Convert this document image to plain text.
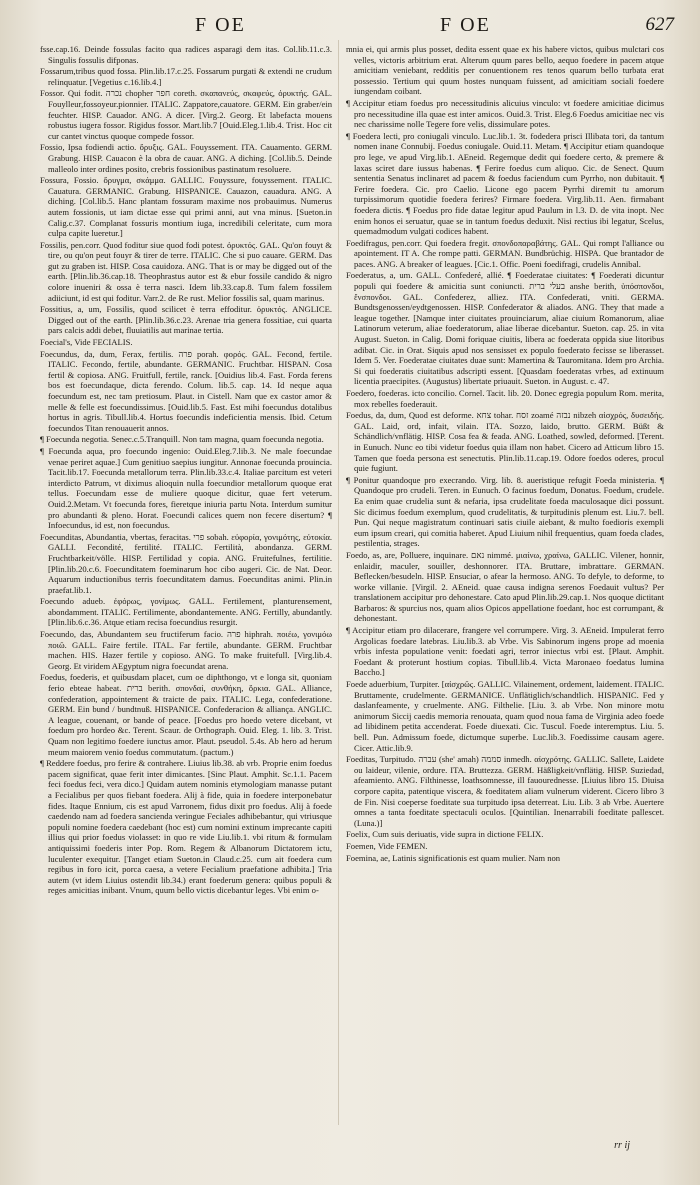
F OE	F OE	627
fsse.cap.16. Deinde fossulas facito qua radices asparagi dem itas. Col.lib.11.c.3. Singulis fossulis difponas.
Fossarum,tribus quod fossa. Plin.lib.17.c.25. Fossarum purgati & extendi ne crudum relinquatur. [Vegetius c.16.lib.4.]
Fossor. Qui fodit. נכרה chopher חפר coreth. σκαπανεύς, σκαφεύς, ὀρυκτής. GAL. Fouylleur,fossoyeur.pionnier. ITALIC. Zappatore,cauatore. GERM. Ein graber/ein feuchter. HISP. Cauador. ANG. A dicer. [Virg.2. Georg. Et labefacta mouens robustus iugera fossor. Rigidus fossor. Mart.lib.7 [Ouid.Eleg.1.lib.4. Trist. Hoc cit cur cantet vinctus quoque compede fossor.
Fossio, Ipsa fodiendi actio. ὄρυξις. GAL. Fouyssement. ITA. Cauamento. GERM. Grabung. HISP. Cauacon è la obra de cauar. ANG. A diching. [Col.lib.5. Deinde malleolo inter ordines posito, crebris fossionibus pastinatum resoluere.
Fossura, Fossio. ὄρυγμα, σκάμμα. GALLIC. Fouyssure, fouyssement. ITALIC. Cauatura. GERMANIC. Grabung. HISPANICE. Cauazon, cauadura. ANG. A diching. [Col.lib.5. Hanc plantam fossuram maxime nos probauimus. Numerus autem fossionis, ut iam dictae esse qui primi anni, aut vna minus. [Sueton.in Calig.c.37. Complanat fossuris montium iuga, incredibili celeritate, cum mora culpa capite lueretur.]
Fossilis, pen.corr. Quod foditur siue quod fodi potest. ὀρυκτός. GAL. Qu'on fouyt & tire, ou qu'on peut fouyr & tirer de terre. ITALIC. Che si puo cauare. GERM. Das gut zu graben ist. HISP. Cosa cauidoza. ANG. That is or may be digged out of the earth. [Plin.lib.36.cap.18. Theophrastus autor est & ebur fossile candido & nigro colore inueniri & ossa è terra nasci. Idem lib.33.cap.8. Tum falem fossilem adiiciunt, id est qui foditur. Varr.2. de Re rust. Melior fossilis sal, quam marinus.
Fossitius, a, um, Fossilis, quod scilicet è terra effoditur. ὀρυκτός. ANGLICE. Digged out of the earth. [Plin.lib.36.c.23. Arenae tria genera fossitiae, cui quarta pars calcis addi debet, fluuiatilis aut marinae tertia.
Foecial's, Vide FECIALIS.
Foecundus, da, dum, Ferax, fertilis. פרה porah. φορός. GAL. Fecond, fertile. ITALIC. Fecondo, fertile, abundante. GERMANIC. Fruchtbar. HISPAN. Cosa fertil & copiosa. ANG. Fruitfull, fertile, ranck. [Ouidius lib.4. Fast. Forda ferens bos est foecundaque, dicta ferendo. Colum. lib.5. cap. 14. Id neque aqua foecundum est, nec tam pretiosum. Plaut. in Cistell. Nam que ex castor amor & melle & felle est foecundissimus. [Ouid.lib.5. Fast. Est mihi foecundus dotalibus hortus in agris. Tibull.lib.4. Hortus foecundis indeficientia mensis. Ibid. Cetum foecundos Titan renouauerit annos.
¶ Foecunda negotia. Senec.c.5.Tranquill. Non tam magna, quam foecunda negotia.
¶ Foecunda aqua, pro foecundo ingenio: Ouid.Eleg.7.lib.3. Ne male foecundae venae periret aquae.] Cum genitiuo saepius iungitur. Annonae foecunda prouincia. Tacit.lib.17. Foecunda metallorum terra. Plin.lib.33.c.4. Italiae parcitum est veteri interdicto Patrum, vt diximus alioquin nulla foecundior metallorum quoque erat tellus. Foecundam esse de muliere quoque dicitur, quae fert veterum. Ouid.2.Metam. Vt foecunda fores, fieretque iniuria partu Nota. Interdum sumitur pro abundanti & pleno. Horat. Foecundi calices quem non fecere disertum? ¶ Infoecundus, id est, non foecundus.
Foecunditas, Abundantia, vbertas, feracitas. פרי sobah. εὐφορία, γονιμότης, εὐτοκία. GALLI. Fecondité, fertilité. ITALIC. Fertilità, abondanza. GERM. Fruchtbarkeit/völle. HISP. Fertilidad y copia. ANG. Fruitefulnes, fertilitie. [Plin.lib.20.c.6. Foecunditatem foeminarum hoc cibo augeri. Cic. de Nat. Deor. Aquarum inductionibus terris foecunditatem damus. Foecunditas animi. Plin.in praefat.lib.1.
Foecundo adueb. ἐφόρως, γονίμως. GALL. Fertilement, planturensement, abondamment. ITALIC. Fertilimente, abondantemente. ANG. Fertilly, abundantly. [Plin.lib.6.c.36. Atque etiam recisa foecundius resurgit.
Foecundo, das, Abundantem seu fructiferum facio. פרה hiphrah. ποιέω, γονιμόω ποιῶ. GALL. Faire fertile. ITAL. Far fertile, abundante. GERM. Fruchtbar machen. HIS. Hazer fertile y copioso. ANG. To make fruitefull. [Virg.lib.4. Georg. Et viridem AEgyptum nigra foecundat arena.
Foedus, foederis, et quibusdam placet, cum oe diphthongo, vt e longa sit, quoniam ferio ebteae habeat. ברית berith. σπονδαί, συνθήκη, ὅρκια. GAL. Alliance, confederation, appointement & traicte de paix. ITALIC. Lega, confederatione. GERM. Ein bund / bundtnuß. HISPANICE. Confederacion & alliança. ANGLIC. A league, couenant, or bande of peace. [Foedus pro hoedo vetere dicebant, vt foedum pro hordeo &c. Terent. Scaur. de Orthograph. Ouid. Eleg. 1. lib. 3. Trist. Quam non legitimo foedere iunctus amor. Plaut. pseudol. 5.4s. Ab hero ad herum meum maiorem venio foedus commutatum. (pactum.)
¶ Reddere foedus, pro ferire & contrahere. Liuius lib.38. ab vrb. Proprie enim foedus pacem significat, quae ferit inter dimicantes. [Sinc Plaut. Amphit. Sc.1.1. Pacem feci foedus feci, vera dico.] Quidam autem nominis etymologiam manasse putant a Fecialibus per quos fiebant foedera. Alij à fide, quia in foedere interponebatur fides. Itaque Ennium, cis est apud Varronem, fidus dixit pro foedus. Alij à foede caedendo nam ad foedera sancienda veringue Feciales adhibebantur, qui vtriusque populi nomine foedera caedebant (hoc est) cum nomini extinum imprecante capiti illius qui prior foedus violasset: in quo re vide Liu.lib.1. vbi ritum & formulam antiquissimi foederis inter Pop. Rom. Regem & Albanorum Dictatorem ictu, luculenter exequitur. [Tanget etiam Sueton.in Claud.c.25. cum ait foedera cum regibus in foro icit, porca caesa, a vetere Fecialium praefatione adhibita.] Tria autem (vt idem Liuius ostendit lib.34.) erant foederum genera: quibus populi & reges amicitias inibant. Vnum, quum bello victis dicebantur leges. Vbi enim o-
mnia ei, qui armis plus posset, dedita essent quae ex his habere victos, quibus mulctari cos velles, victoris arbitrium erat. Alterum quum pares bello, aequo foedere in pacem atque amicitiam veniebant, redditis per conuentionem res tenos quarum bello turbata erat possessio. Tertium qui quum hostes nunquam fuissent, ad amicitiam sociali foedere iungendam coibant.
¶ Accipitur etiam foedus pro necessitudinis alicuius vinculo: vt foedere amicitiae dicimus pro necessitudine illa quae est inter amicos. Ouid.3. Trist. Eleg.6 Foedus amicitiae nec vis nec charissime nolle Tegere fore velis, dissimulare potes.
¶ Foedera lecti, pro coniugali vinculo. Luc.lib.1. 3t. fodedera prisci Illibata tori, da tantum nomen inane Connubij. Foedus coniugale. Ouid.11. Metam. ¶ Accipitur etiam quandoque pro lege, ve apud Virg.lib.1. AEneid. Regemque dedit qui foedere certo, & premere & laxas sciret dare iussus habenas. ¶ Ferire foedus cum aliquo. Cic. de Senect. Quum sententia Senatus inclinaret ad pacem & foedus faciendum cum Pyrrho, non dubitauit. ¶ Ferire foedera. Cic. pro Caelio. Licone ego pacem Pyrrhi diremit tu amorum turpissimorum quotidie foedera ferires? Firmare foedera. Virg.lib.11. Aen. firmabant foedera dictis. ¶ Foedus pro fide datae legitur apud Paulum in l.3. D. de vita inopt. Nec enim honos ei seruatur, quae se in tantum foedus deduxit. Nisi rectius ibi legatur, Scelus, quemadmodum vulgati codices habent.
Foedifragus, pen.corr. Qui foedera fregit. σπονδοπαραβάτης. GAL. Qui rompt l'alliance ou apointement. IT A. Che rompe patti. GERMAN. Bundbrüchig. HISPA. Que brantador de paces. ANG. A breaker of leagues. [Cic.1. Offic. Poeni foedifragi, crudelis Annibal.
Foederatus, a, um. GALL. Confederé, allié. ¶ Foederatae ciuitates: ¶ Foederati dicuntur populi qui foedere & amicitia sunt coniuncti. בעלי ברית anshe berith, ὑπόσπονδοι, ἔνσπονδοι. GAL. Confederez, alliez. ITA. Confederati, vniti. GERMA. Bundtsgenossen/eydtgenossen. HISP. Confederator & aliados. ANG. They that made a league together. [Namque inter ciuitates prouinciarum, aliae ciuium Romanorum, aliae Latinorum veterum, aliae foederatorum, aliae liberae dicebantur. Sueton. cap. 25. in vita August. Sueton. in Calig. Domi foriquae ciuitis, libera ac foederata oppida siue litoribus adibat. Cic. in Orat. Siquis apud nos sensisset ex populo foederato fecisse se liberasset. Idem 5. Ver. Foederatae ciuitates duae sunt: Mamertina & Tauromitana. Idem pro Archia. Si qui foederatis ciuitatibus adscripti essent. [Quasdam foederatas vrbes, ad extinuum licentia praecipites. (Augustus) libertate priuauit. Sueton. in August. c. 47.
Foedero, foederas. icto concilio. Cornel. Tacit. lib. 20. Donec egregia populum Rom. merita, mox rebelles foederauit.
Foedus, da, dum, Quod est deforme. צחא tohar. זסח zoamé נבזה nibzeh αἰσχρός, δυσειδής. GAL. Laid, ord, infait, vilain. ITA. Sozzo, laido, brutto. GERM. Büßt & Schändlich/vnflätig. HISP. Cosa fea & feada. ANG. Loathed, sowled, deformed. [Terent. in Eunuch. Nunc eo tibi videtur foedus quia illam non habet. Cicero ad Atticum libro 15. Tamen que foeda persona est senectutis. Plin.lib.11.cap.19. Odore foedos oderes, procul quie fugiunt.
¶ Ponitur quandoque pro execrando. Virg. lib. 8. aueristique refugit Foeda ministeria. ¶ Quandoque pro crudeli. Teren. in Eunuch. O facinus foedum, Donatus. Foedum, crudele. Ea enim quae crudelia sunt & nefaria, ipsa crudelitate foeda maculosaque dici possunt. Sic dicimus foedum exemplum, quod crudelitatis, & turpitudinis plenum est. Liu.7. bell. Pun. Qui neque magistratum continuari satis ciuile aiebant, & multo foedioris exempli eum ipsum creari, qui comitia haberet. Apud Liuium nihil frequentius, quam foeda clades, pestilentia, strages.
Foedo, as, are, Polluere, inquinare. נאם nimmé. μιαίνω, χραίνω, GALLIC. Vilener, honnir, enlaidir, maculer, souiller, deshonnorer. ITA. Bruttare, imbrattare. GERMAN. Beflecken/besudeln. HISP. Ensuciar, o afear la hermoso. ANG. To defyle, to deforme, to worke villanie. [Virgil. 2. AEneid. quae causa indigna serenos Foedauit vultus? Per translationem accipitur pro dehonestare. Cato apud Plin.lib.29.cap.1. Nos quoque dictitant Barbaros: & spurcius nos, quam alios Opicos appellatione foedant, hoc est corrumpant, & dehonestant.
¶ Accipitur etiam pro dilacerare, frangere vel corrumpere. Virg. 3. AEneid. Impulerat ferro Argolicas foedare latebras. Liu.lib.3. ab Vrbe. Vis Sabinorum ingens prope ad moenia vrbis infesta populatione venit: foedati agri, terror iniectus vrbi est. [Plaut. Amphit. Foedant & proterunt hostium copias. Tibull.lib.4. Victa Maronaeo foedatus lumina Baccho.]
Foede aduerbium, Turpiter. [αἰσχρῶς. GALLIC. Vilainement, ordement, laidement. ITALIC. Bruttamente, crudelmente. GERMANICE. Unflätiglich/schandtlich. HISPANIC. Fed y daslanfeamente, y cruelmente. ANG. Filthelie. [Liu. 3. ab Vrbe. Non minore motu animorum Siccij caedis memoria renouata, quam quod noua fama de Virginia adeo foede ad libidinem petita accenderat. Foede diuexati. Cic. Tuscul. Foede interemptus. Liu. 5. bell. Pun. Admissum foede, dictumque superbe. Luc.lib.3. Foedissime causam agere. Cicer. Attic.lib.9.
Foeditas, Turpitudo. עברה (she' amah) סממה inmedh. αἰσχρότης. GALLIC. Sallete, Laidete ou laideur, vilenie, ordure. ITA. Bruttezza. GERM. Häßligkeit/vnflätig. HISP. Suziedad, afeamiento. ANG. Filthinesse, loathsomnesse, ill fauourednesse. [Liuius libro 15. Diuisa corpore capita, patentique viscera, & foeditatem aliam vulnerum viderent. Cicero libro 3 de Fin. Nisi coeperse foeditate sua turpitudo ipsa deterreat. Liu. Lib. 3 ab Vrbe. Auertere omnes a tanta foeditate spectaculi oculos. [Quintilian. Inenarrabili foeditate pallescet. (Luna.)]
Foelix, Cum suis deriuatis, vide supra in dictione FELIX.
Foemen, Vide FEMEN.
Foemina, ae, Latinis significationis est quam mulier. Nam non
rr ij
